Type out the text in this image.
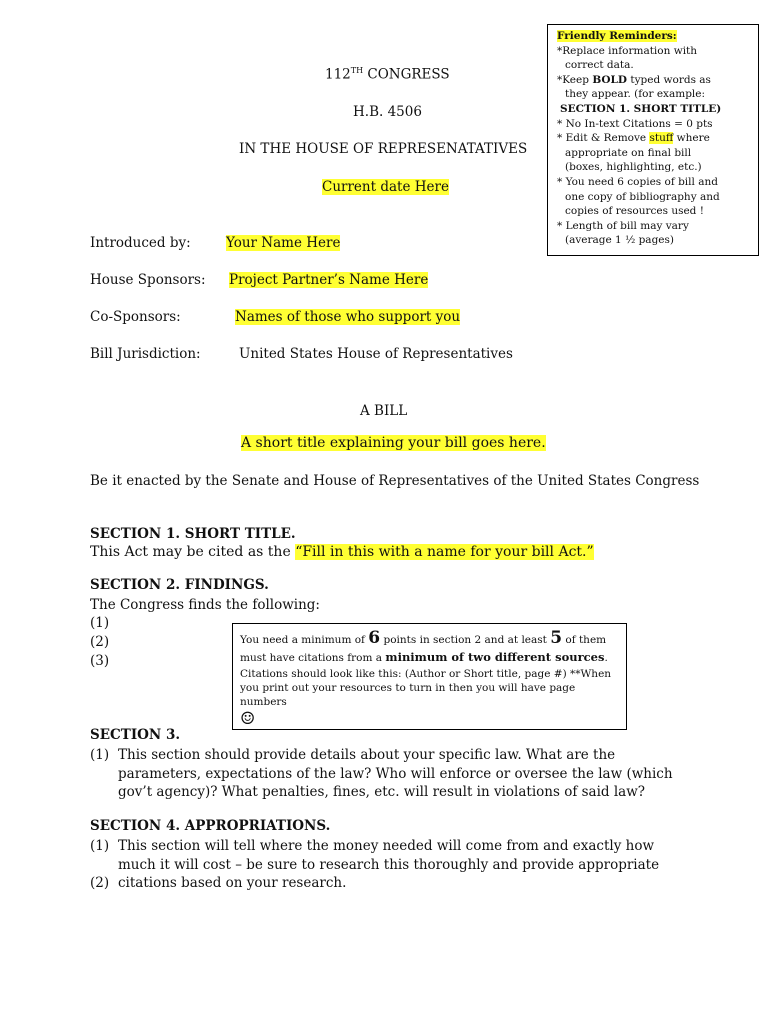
Friendly Reminders:
*Replace information with
correct data.
*Keep BOLD typed words as
they appear. (for example:
SECTION 1. SHORT TITLE)
* No In-text Citations = 0 pts
* Edit & Remove stuff where
appropriate on final bill
(boxes, highlighting, etc.)
* You need 6 copies of bill and
one copy of bibliography and
copies of resources used !
* Length of bill may vary
(average 1 ½ pages)
112TH CONGRESS
H.B. 4506
IN THE HOUSE OF REPRESENATATIVES
Current date Here
Introduced by:	Your Name Here
House Sponsors: Project Partner’s Name Here
Co-Sponsors:	Names of those who support you
Bill Jurisdiction:	United States House of Representatives
A BILL
A short title explaining your bill goes here.
Be it enacted by the Senate and House of Representatives of the United States Congress
SECTION 1. SHORT TITLE.
This Act may be cited as the “Fill in this with a name for your bill Act.”
SECTION 2. FINDINGS.
The Congress finds the following:
(1)
(2)
(3)
You need a minimum of 6 points in section 2 and at least 5 of them
must have citations from a minimum of two different sources.
Citations should look like this: (Author or Short title, page #) **When
you print out your resources to turn in then you will have page numbers
☺
SECTION 3.
(1) This section should provide details about your specific law. What are the
parameters, expectations of the law? Who will enforce or oversee the law (which
gov’t agency)? What penalties, fines, etc. will result in violations of said law?
SECTION 4. APPROPRIATIONS.
(1) This section will tell where the money needed will come from and exactly how
much it will cost – be sure to research this thoroughly and provide appropriate
(2) citations based on your research.
